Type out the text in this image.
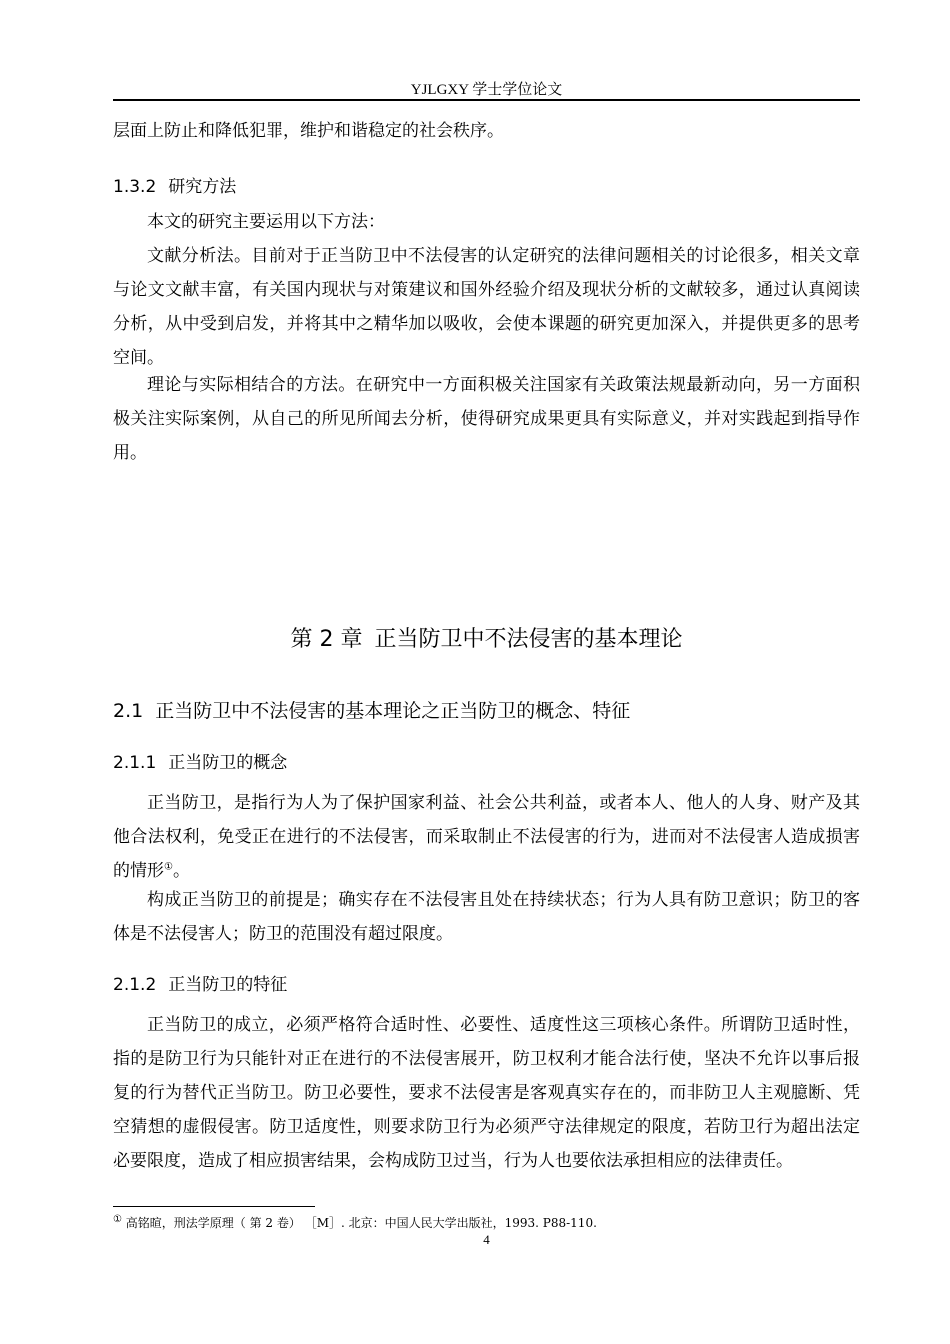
YJLGXY 学士学位论文

层面上防止和降低犯罪，维护和谐稳定的社会秩序。

1.3.2 研究方法

本文的研究主要运用以下方法：

文献分析法。目前对于正当防卫中不法侵害的认定研究的法律问题相关的讨论很多，相关文章与论文文献丰富，有关国内现状与对策建议和国外经验介绍及现状分析的文献较多，通过认真阅读分析，从中受到启发，并将其中之精华加以吸收，会使本课题的研究更加深入，并提供更多的思考空间。

理论与实际相结合的方法。在研究中一方面积极关注国家有关政策法规最新动向，另一方面积极关注实际案例，从自己的所见所闻去分析，使得研究成果更具有实际意义，并对实践起到指导作用。

第 2 章 正当防卫中不法侵害的基本理论
2.1 正当防卫中不法侵害的基本理论之正当防卫的概念、特征
2.1.1 正当防卫的概念

正当防卫，是指行为人为了保护国家利益、社会公共利益，或者本人、他人的人身、财产及其他合法权利，免受正在进行的不法侵害，而采取制止不法侵害的行为，进而对不法侵害人造成损害的情形①。

构成正当防卫的前提是；确实存在不法侵害且处在持续状态；行为人具有防卫意识；防卫的客体是不法侵害人；防卫的范围没有超过限度。

2.1.2 正当防卫的特征

正当防卫的成立，必须严格符合适时性、必要性、适度性这三项核心条件。所谓防卫适时性，指的是防卫行为只能针对正在进行的不法侵害展开，防卫权利才能合法行使，坚决不允许以事后报复的行为替代正当防卫。防卫必要性，要求不法侵害是客观真实存在的，而非防卫人主观臆断、凭空猜想的虚假侵害。防卫适度性，则要求防卫行为必须严守法律规定的限度，若防卫行为超出法定必要限度，造成了相应损害结果，会构成防卫过当，行为人也要依法承担相应的法律责任。

① 高铭暄，刑法学原理（ 第 2 卷） ［M］. 北京：中国人民大学出版社，1993. P88-110.
4
